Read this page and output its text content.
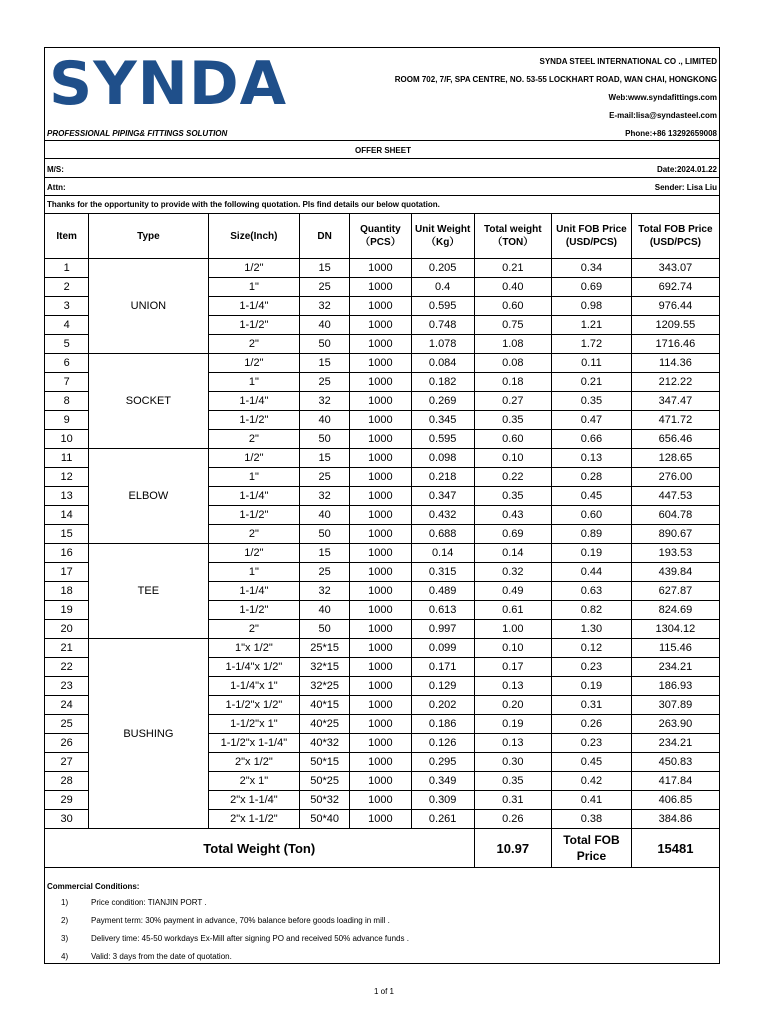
SYNDA
PROFESSIONAL PIPING& FITTINGS SOLUTION
SYNDA STEEL INTERNATIONAL CO ., LIMITED
ROOM 702, 7/F, SPA CENTRE, NO. 53-55 LOCKHART ROAD, WAN CHAI, HONGKONG
Web:www.syndafittings.com
E-mail:lisa@syndasteel.com
Phone:+86 13292659008
OFFER SHEET
M/S:	Date:2024.01.22
Attn:	Sender: Lisa Liu
Thanks for the opportunity to provide with the following quotation. Pls find details our below quotation.
Item	Type	Size(Inch)	DN	Quantity （PCS）	Unit Weight （Kg）	Total weight （TON）	Unit FOB Price (USD/PCS)	Total FOB Price (USD/PCS)
1	UNION	1/2"	15	1000	0.205	0.21	0.34	343.07
2		1"	25	1000	0.4	0.40	0.69	692.74
3		1-1/4"	32	1000	0.595	0.60	0.98	976.44
4		1-1/2"	40	1000	0.748	0.75	1.21	1209.55
5		2"	50	1000	1.078	1.08	1.72	1716.46
6	SOCKET	1/2"	15	1000	0.084	0.08	0.11	114.36
7		1"	25	1000	0.182	0.18	0.21	212.22
8		1-1/4"	32	1000	0.269	0.27	0.35	347.47
9		1-1/2"	40	1000	0.345	0.35	0.47	471.72
10		2"	50	1000	0.595	0.60	0.66	656.46
11	ELBOW	1/2"	15	1000	0.098	0.10	0.13	128.65
12		1"	25	1000	0.218	0.22	0.28	276.00
13		1-1/4"	32	1000	0.347	0.35	0.45	447.53
14		1-1/2"	40	1000	0.432	0.43	0.60	604.78
15		2"	50	1000	0.688	0.69	0.89	890.67
16	TEE	1/2"	15	1000	0.14	0.14	0.19	193.53
17		1"	25	1000	0.315	0.32	0.44	439.84
18		1-1/4"	32	1000	0.489	0.49	0.63	627.87
19		1-1/2"	40	1000	0.613	0.61	0.82	824.69
20		2"	50	1000	0.997	1.00	1.30	1304.12
21	BUSHING	1"x 1/2"	25*15	1000	0.099	0.10	0.12	115.46
22		1-1/4"x 1/2"	32*15	1000	0.171	0.17	0.23	234.21
23		1-1/4"x 1"	32*25	1000	0.129	0.13	0.19	186.93
24		1-1/2"x 1/2"	40*15	1000	0.202	0.20	0.31	307.89
25		1-1/2"x 1"	40*25	1000	0.186	0.19	0.26	263.90
26		1-1/2"x 1-1/4"	40*32	1000	0.126	0.13	0.23	234.21
27		2"x 1/2"	50*15	1000	0.295	0.30	0.45	450.83
28		2"x 1"	50*25	1000	0.349	0.35	0.42	417.84
29		2"x 1-1/4"	50*32	1000	0.309	0.31	0.41	406.85
30		2"x 1-1/2"	50*40	1000	0.261	0.26	0.38	384.86
Total Weight (Ton)						10.97	Total FOB Price	15481
Commercial Conditions:
1)	Price condition: TIANJIN PORT .
2)	Payment term: 30% payment in advance, 70% balance before goods loading in mill .
3)	Delivery time: 45-50 workdays Ex-Mill after signing PO and received 50% advance funds .
4)	Valid: 3 days from the date of quotation.
1 of 1
